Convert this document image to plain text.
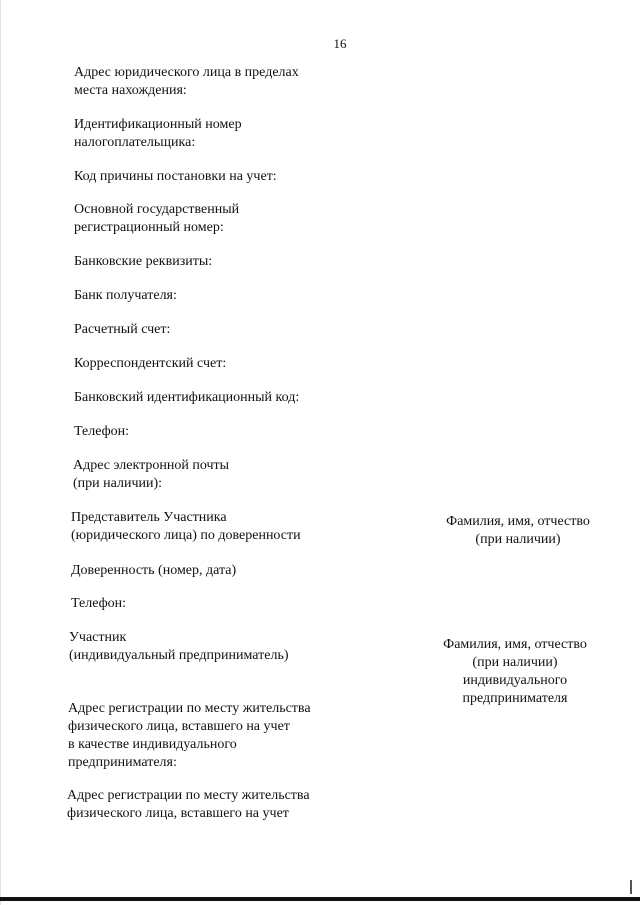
16
Адрес юридического лица в пределах
места нахождения:
Идентификационный номер
налогоплательщика:
Код причины постановки на учет:
Основной государственный
регистрационный номер:
Банковские реквизиты:
Банк получателя:
Расчетный счет:
Корреспондентский счет:
Банковский идентификационный код:
Телефон:
Адрес электронной почты
(при наличии):
Представитель Участника
(юридического лица) по доверенности
Фамилия, имя, отчество
(при наличии)
Доверенность (номер, дата)
Телефон:
Участник
(индивидуальный предприниматель)
Фамилия, имя, отчество
(при наличии)
индивидуального
предпринимателя
Адрес регистрации по месту жительства
физического лица, вставшего на учет
в качестве индивидуального
предпринимателя:
Адрес регистрации по месту жительства
физического лица, вставшего на учет
